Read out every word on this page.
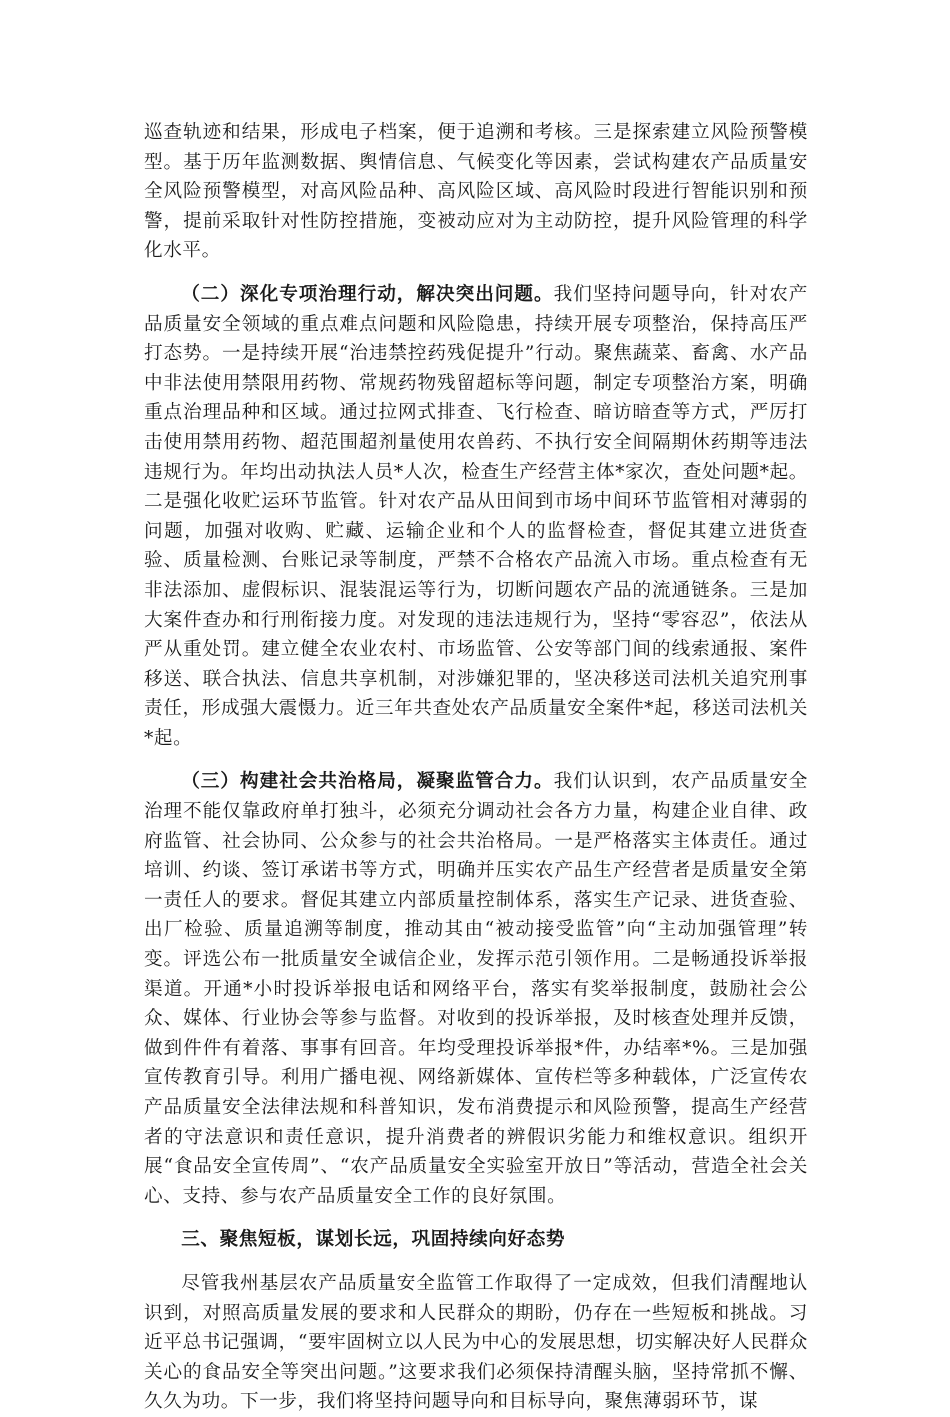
巡查轨迹和结果，形成电子档案，便于追溯和考核。三是探索建立风险预警模型。基于历年监测数据、舆情信息、气候变化等因素，尝试构建农产品质量安全风险预警模型，对高风险品种、高风险区域、高风险时段进行智能识别和预警，提前采取针对性防控措施，变被动应对为主动防控，提升风险管理的科学化水平。

（二）深化专项治理行动，解决突出问题。我们坚持问题导向，针对农产品质量安全领域的重点难点问题和风险隐患，持续开展专项整治，保持高压严打态势。一是持续开展“治违禁控药残促提升”行动。聚焦蔬菜、畜禽、水产品中非法使用禁限用药物、常规药物残留超标等问题，制定专项整治方案，明确重点治理品种和区域。通过拉网式排查、飞行检查、暗访暗查等方式，严厉打击使用禁用药物、超范围超剂量使用农兽药、不执行安全间隔期休药期等违法违规行为。年均出动执法人员*人次，检查生产经营主体*家次，查处问题*起。二是强化收贮运环节监管。针对农产品从田间到市场中间环节监管相对薄弱的问题，加强对收购、贮藏、运输企业和个人的监督检查，督促其建立进货查验、质量检测、台账记录等制度，严禁不合格农产品流入市场。重点检查有无非法添加、虚假标识、混装混运等行为，切断问题农产品的流通链条。三是加大案件查办和行刑衔接力度。对发现的违法违规行为，坚持“零容忍”，依法从严从重处罚。建立健全农业农村、市场监管、公安等部门间的线索通报、案件移送、联合执法、信息共享机制，对涉嫌犯罪的，坚决移送司法机关追究刑事责任，形成强大震慑力。近三年共查处农产品质量安全案件*起，移送司法机关*起。

（三）构建社会共治格局，凝聚监管合力。我们认识到，农产品质量安全治理不能仅靠政府单打独斗，必须充分调动社会各方力量，构建企业自律、政府监管、社会协同、公众参与的社会共治格局。一是严格落实主体责任。通过培训、约谈、签订承诺书等方式，明确并压实农产品生产经营者是质量安全第一责任人的要求。督促其建立内部质量控制体系，落实生产记录、进货查验、出厂检验、质量追溯等制度，推动其由“被动接受监管”向“主动加强管理”转变。评选公布一批质量安全诚信企业，发挥示范引领作用。二是畅通投诉举报渠道。开通*小时投诉举报电话和网络平台，落实有奖举报制度，鼓励社会公众、媒体、行业协会等参与监督。对收到的投诉举报，及时核查处理并反馈，做到件件有着落、事事有回音。年均受理投诉举报*件，办结率*%。三是加强宣传教育引导。利用广播电视、网络新媒体、宣传栏等多种载体，广泛宣传农产品质量安全法律法规和科普知识，发布消费提示和风险预警，提高生产经营者的守法意识和责任意识，提升消费者的辨假识劣能力和维权意识。组织开展“食品安全宣传周”、“农产品质量安全实验室开放日”等活动，营造全社会关心、支持、参与农产品质量安全工作的良好氛围。

三、聚焦短板，谋划长远，巩固持续向好态势

尽管我州基层农产品质量安全监管工作取得了一定成效，但我们清醒地认识到，对照高质量发展的要求和人民群众的期盼，仍存在一些短板和挑战。习近平总书记强调，“要牢固树立以人民为中心的发展思想，切实解决好人民群众关心的食品安全等突出问题。”这要求我们必须保持清醒头脑，坚持常抓不懈、久久为功。下一步，我们将坚持问题导向和目标导向，聚焦薄弱环节，谋
